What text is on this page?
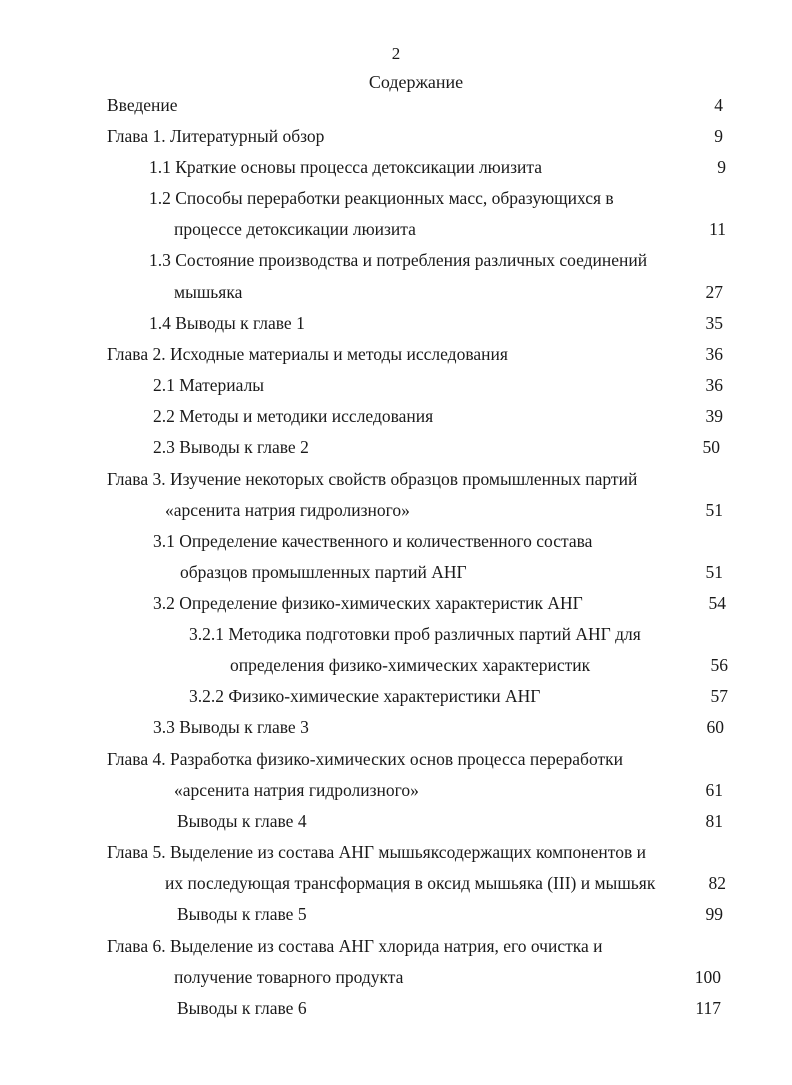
2
Содержание
Введение	4
Глава 1. Литературный обзор	9
1.1 Краткие основы процесса детоксикации люизита	9
1.2 Способы переработки реакционных масс, образующихся в
процессе детоксикации люизита	11
1.3 Состояние производства и потребления различных соединений
мышьяка	27
1.4 Выводы к главе 1	35
Глава 2. Исходные материалы и методы исследования	36
2.1 Материалы	36
2.2 Методы и методики исследования	39
2.3 Выводы к главе 2	50
Глава 3. Изучение некоторых свойств образцов промышленных партий
«арсенита натрия гидролизного»	51
3.1 Определение качественного и количественного состава
образцов промышленных партий АНГ	51
3.2 Определение физико-химических характеристик АНГ	54
3.2.1 Методика подготовки проб различных партий АНГ для
определения физико-химических характеристик	56
3.2.2 Физико-химические характеристики АНГ	57
3.3 Выводы к главе 3	60
Глава 4. Разработка физико-химических основ процесса переработки
«арсенита натрия гидролизного»	61
Выводы к главе 4	81
Глава 5. Выделение из состава АНГ мышьяксодержащих компонентов и
их последующая трансформация в оксид мышьяка (III) и мышьяк	82
Выводы к главе 5	99
Глава 6. Выделение из состава АНГ хлорида натрия, его очистка и
получение товарного продукта	100
Выводы к главе 6	117
